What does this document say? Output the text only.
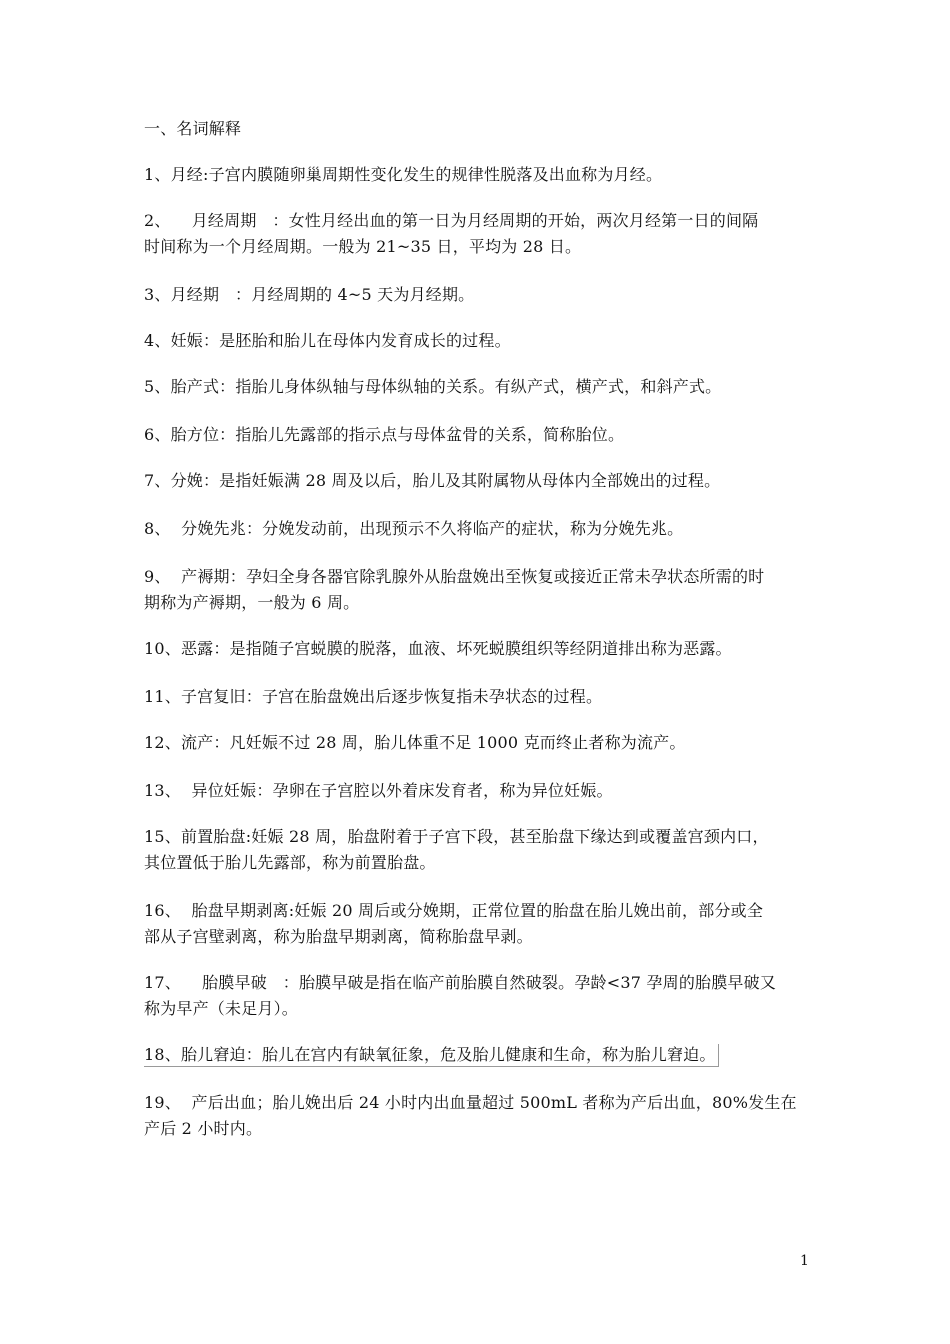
一、名词解释
1、月经:子宫内膜随卵巢周期性变化发生的规律性脱落及出血称为月经。
2、    月经周期   ：女性月经出血的第一日为月经周期的开始，两次月经第一日的间隔
时间称为一个月经周期。一般为 21~35 日，平均为 28 日。
3、月经期   ：月经周期的 4~5 天为月经期。
4、妊娠：是胚胎和胎儿在母体内发育成长的过程。
5、胎产式：指胎儿身体纵轴与母体纵轴的关系。有纵产式，横产式，和斜产式。
6、胎方位：指胎儿先露部的指示点与母体盆骨的关系，简称胎位。
7、分娩：是指妊娠满 28 周及以后，胎儿及其附属物从母体内全部娩出的过程。
8、  分娩先兆：分娩发动前，出现预示不久将临产的症状，称为分娩先兆。
9、  产褥期：孕妇全身各器官除乳腺外从胎盘娩出至恢复或接近正常未孕状态所需的时
期称为产褥期，一般为 6 周。
10、恶露：是指随子宫蜕膜的脱落，血液、坏死蜕膜组织等经阴道排出称为恶露。
11、子宫复旧：子宫在胎盘娩出后逐步恢复指未孕状态的过程。
12、流产：凡妊娠不过 28 周，胎儿体重不足 1000 克而终止者称为流产。
13、  异位妊娠：孕卵在子宫腔以外着床发育者，称为异位妊娠。
15、前置胎盘:妊娠 28 周，胎盘附着于子宫下段，甚至胎盘下缘达到或覆盖宫颈内口，
其位置低于胎儿先露部，称为前置胎盘。
16、  胎盘早期剥离:妊娠 20 周后或分娩期，正常位置的胎盘在胎儿娩出前，部分或全
部从子宫壁剥离，称为胎盘早期剥离，简称胎盘早剥。
17、    胎膜早破   ：胎膜早破是指在临产前胎膜自然破裂。孕龄<37 孕周的胎膜早破又
称为早产（未足月）。
18、胎儿窘迫：胎儿在宫内有缺氧征象，危及胎儿健康和生命，称为胎儿窘迫。
19、  产后出血；胎儿娩出后 24 小时内出血量超过 500mL 者称为产后出血，80%发生在
产后 2 小时内。
1
